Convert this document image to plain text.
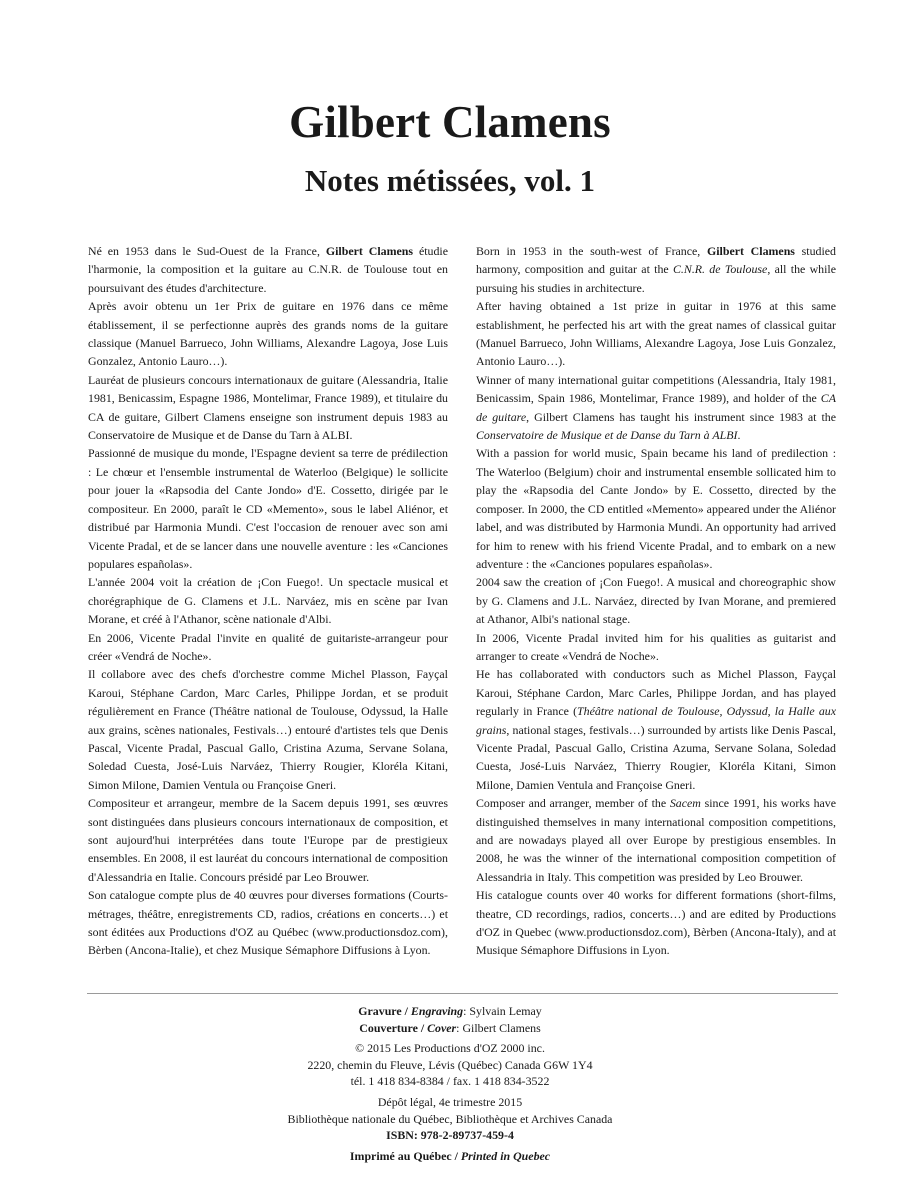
Gilbert Clamens
Notes métissées, vol. 1

Né en 1953 dans le Sud-Ouest de la France, Gilbert Clamens étudie l'harmonie, la composition et la guitare au C.N.R. de Toulouse tout en poursuivant des études d'architecture.

Après avoir obtenu un 1er Prix de guitare en 1976 dans ce même établissement, il se perfectionne auprès des grands noms de la guitare classique (Manuel Barrueco, John Williams, Alexandre Lagoya, Jose Luis Gonzalez, Antonio Lauro…).

Lauréat de plusieurs concours internationaux de guitare (Alessandria, Italie 1981, Benicassim, Espagne 1986, Montelimar, France 1989), et titulaire du CA de guitare, Gilbert Clamens enseigne son instrument depuis 1983 au Conservatoire de Musique et de Danse du Tarn à ALBI.

Passionné de musique du monde, l'Espagne devient sa terre de prédilection : Le chœur et l'ensemble instrumental de Waterloo (Belgique) le sollicite pour jouer la «Rapsodia del Cante Jondo» d'E. Cossetto, dirigée par le compositeur. En 2000, paraît le CD «Memento», sous le label Aliénor, et distribué par Harmonia Mundi. C'est l'occasion de renouer avec son ami Vicente Pradal, et de se lancer dans une nouvelle aventure : les «Canciones populares españolas».

L'année 2004 voit la création de ¡Con Fuego!. Un spectacle musical et chorégraphique de G. Clamens et J.L. Narváez, mis en scène par Ivan Morane, et créé à l'Athanor, scène nationale d'Albi.

En 2006, Vicente Pradal l'invite en qualité de guitariste-arrangeur pour créer «Vendrá de Noche».

Il collabore avec des chefs d'orchestre comme Michel Plasson, Fayçal Karoui, Stéphane Cardon, Marc Carles, Philippe Jordan, et se produit régulièrement en France (Théâtre national de Toulouse, Odyssud, la Halle aux grains, scènes nationales, Festivals…) entouré d'artistes tels que Denis Pascal, Vicente Pradal, Pascual Gallo, Cristina Azuma, Servane Solana, Soledad Cuesta, José-Luis Narváez, Thierry Rougier, Kloréla Kitani, Simon Milone, Damien Ventula ou Françoise Gneri.

Compositeur et arrangeur, membre de la Sacem depuis 1991, ses œuvres sont distinguées dans plusieurs concours internationaux de composition, et sont aujourd'hui interprétées dans toute l'Europe par de prestigieux ensembles. En 2008, il est lauréat du concours international de composition d'Alessandria en Italie. Concours présidé par Leo Brouwer.

Son catalogue compte plus de 40 œuvres pour diverses formations (Courts-métrages, théâtre, enregistrements CD, radios, créations en concerts…) et sont éditées aux Productions d'OZ au Québec (www.productionsdoz.com), Bèrben (Ancona-Italie), et chez Musique Sémaphore Diffusions à Lyon.

Born in 1953 in the south-west of France, Gilbert Clamens studied harmony, composition and guitar at the C.N.R. de Toulouse, all the while pursuing his studies in architecture.

After having obtained a 1st prize in guitar in 1976 at this same establishment, he perfected his art with the great names of classical guitar (Manuel Barrueco, John Williams, Alexandre Lagoya, Jose Luis Gonzalez, Antonio Lauro…).

Winner of many international guitar competitions (Alessandria, Italy 1981, Benicassim, Spain 1986, Montelimar, France 1989), and holder of the CA de guitare, Gilbert Clamens has taught his instrument since 1983 at the Conservatoire de Musique et de Danse du Tarn à ALBI.

With a passion for world music, Spain became his land of predilection : The Waterloo (Belgium) choir and instrumental ensemble sollicated him to play the «Rapsodia del Cante Jondo» by E. Cossetto, directed by the composer. In 2000, the CD entitled «Memento» appeared under the Aliénor label, and was distributed by Harmonia Mundi. An opportunity had arrived for him to renew with his friend Vicente Pradal, and to embark on a new adventure : the «Canciones populares españolas».

2004 saw the creation of ¡Con Fuego!. A musical and choreographic show by G. Clamens and J.L. Narváez, directed by Ivan Morane, and premiered at Athanor, Albi's national stage.

In 2006, Vicente Pradal invited him for his qualities as guitarist and arranger to create «Vendrá de Noche».

He has collaborated with conductors such as Michel Plasson, Fayçal Karoui, Stéphane Cardon, Marc Carles, Philippe Jordan, and has played regularly in France (Théâtre national de Toulouse, Odyssud, la Halle aux grains, national stages, festivals…) surrounded by artists like Denis Pascal, Vicente Pradal, Pascual Gallo, Cristina Azuma, Servane Solana, Soledad Cuesta, José-Luis Narváez, Thierry Rougier, Kloréla Kitani, Simon Milone, Damien Ventula and Françoise Gneri.

Composer and arranger, member of the Sacem since 1991, his works have distinguished themselves in many international composition competitions, and are nowadays played all over Europe by prestigious ensembles. In 2008, he was the winner of the international composition competition of Alessandria in Italy. This competition was presided by Leo Brouwer.

His catalogue counts over 40 works for different formations (short-films, theatre, CD recordings, radios, concerts…) and are edited by Productions d'OZ in Quebec (www.productionsdoz.com), Bèrben (Ancona-Italy), and at Musique Sémaphore Diffusions in Lyon.

Gravure / Engraving: Sylvain Lemay
Couverture / Cover: Gilbert Clamens
© 2015 Les Productions d'OZ 2000 inc.
2220, chemin du Fleuve, Lévis (Québec) Canada G6W 1Y4
tél. 1 418 834-8384 / fax. 1 418 834-3522
Dépôt légal, 4e trimestre 2015
Bibliothèque nationale du Québec, Bibliothèque et Archives Canada
ISBN: 978-2-89737-459-4
Imprimé au Québec / Printed in Quebec
